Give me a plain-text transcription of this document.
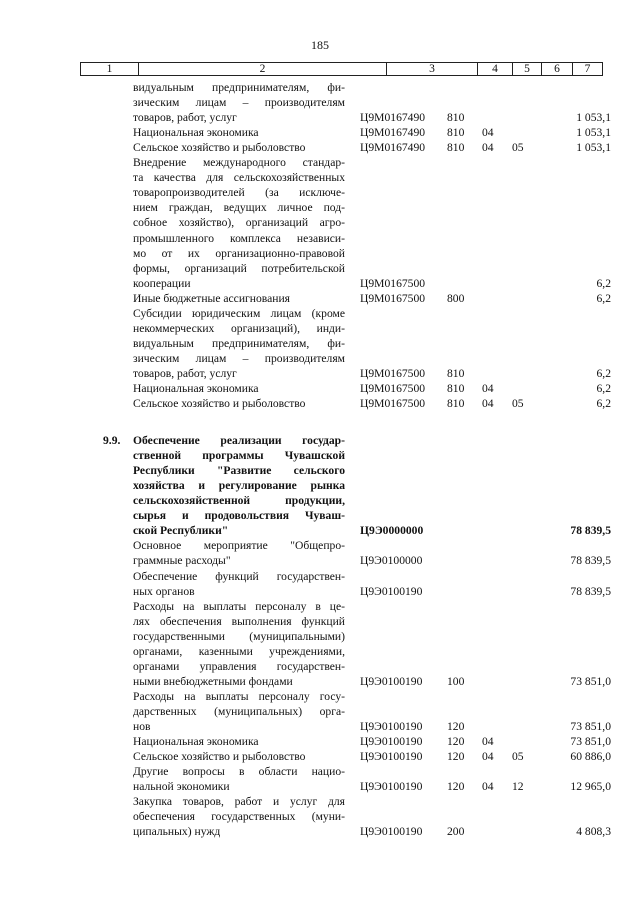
185
1	2	3	4	5	6	7
видуальным предпринимателям, фи-
зическим лицам – производителям
товаров, работ, услуг	Ц9М0167490 810	1 053,1
Национальная экономика	Ц9М0167490 810 04	1 053,1
Сельское хозяйство и рыболовство	Ц9М0167490 810 04 05	1 053,1
Внедрение международного стандар-
та качества для сельскохозяйственных
товаропроизводителей (за исключе-
нием граждан, ведущих личное под-
собное хозяйство), организаций агро-
промышленного комплекса независи-
мо от их организационно-правовой
формы, организаций потребительской
кооперации	Ц9М0167500	6,2
Иные бюджетные ассигнования	Ц9М0167500 800	6,2
Субсидии юридическим лицам (кроме
некоммерческих организаций), инди-
видуальным предпринимателям, фи-
зическим лицам – производителям
товаров, работ, услуг	Ц9М0167500 810	6,2
Национальная экономика	Ц9М0167500 810 04	6,2
Сельское хозяйство и рыболовство	Ц9М0167500 810 04 05	6,2
9.9. Обеспечение реализации государ-
ственной программы Чувашской
Республики "Развитие сельского
хозяйства и регулирование рынка
сельскохозяйственной продукции,
сырья и продовольствия Чуваш-
ской Республики"	Ц9Э0000000	78 839,5
Основное мероприятие "Общепро-
граммные расходы"	Ц9Э0100000	78 839,5
Обеспечение функций государствен-
ных органов	Ц9Э0100190	78 839,5
Расходы на выплаты персоналу в це-
лях обеспечения выполнения функций
государственными (муниципальными)
органами, казенными учреждениями,
органами управления государствен-
ными внебюджетными фондами	Ц9Э0100190 100	73 851,0
Расходы на выплаты персоналу госу-
дарственных (муниципальных) орга-
нов	Ц9Э0100190 120	73 851,0
Национальная экономика	Ц9Э0100190 120 04	73 851,0
Сельское хозяйство и рыболовство	Ц9Э0100190 120 04 05	60 886,0
Другие вопросы в области нацио-
нальной экономики	Ц9Э0100190 120 04 12	12 965,0
Закупка товаров, работ и услуг для
обеспечения государственных (муни-
ципальных) нужд	Ц9Э0100190 200	4 808,3
